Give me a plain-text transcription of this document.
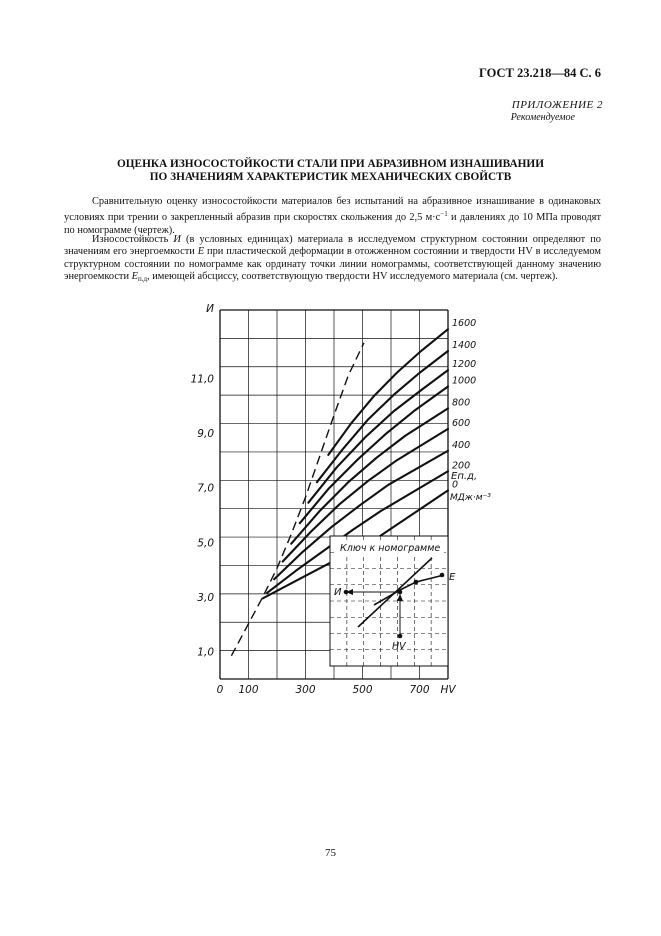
ГОСТ 23.218—84 С. 6
ПРИЛОЖЕНИЕ 2
Рекомендуемое
ОЦЕНКА ИЗНОСОСТОЙКОСТИ СТАЛИ ПРИ АБРАЗИВНОМ ИЗНАШИВАНИИ
ПО ЗНАЧЕНИЯМ ХАРАКТЕРИСТИК МЕХАНИЧЕСКИХ СВОЙСТВ
Сравнительную оценку износостойкости материалов без испытаний на абразивное изнашивание в одинаковых условиях при трении о закрепленный абразив при скоростях скольжения до 2,5 $м\cdot с^{-1}$ и давлениях до 10 МПа проводят по номограмме (чертеж).
Износостойкость И (в условных единицах) материала в исследуемом структурном состоянии определяют по значениям его энергоемкости E при пластической деформации в отожженном состоянии и твердости HV в исследуемом структурном состоянии по номограмме как ординату точки линии номограммы, соответствующей данному значению энергоемкости $E_{п.д}$, имеющей абсциссу, соответствующую твердости HV исследуемого материала (см. чертеж).
0 100	300	500	700 HV
1,0
3,0
5,0
7,0
9,0
11,0
И
1600
1400
1200
1000
800
600
400
200
0
Eп.д,
МДж·м⁻³
Ключ к номограмме
И
E
HV
75
